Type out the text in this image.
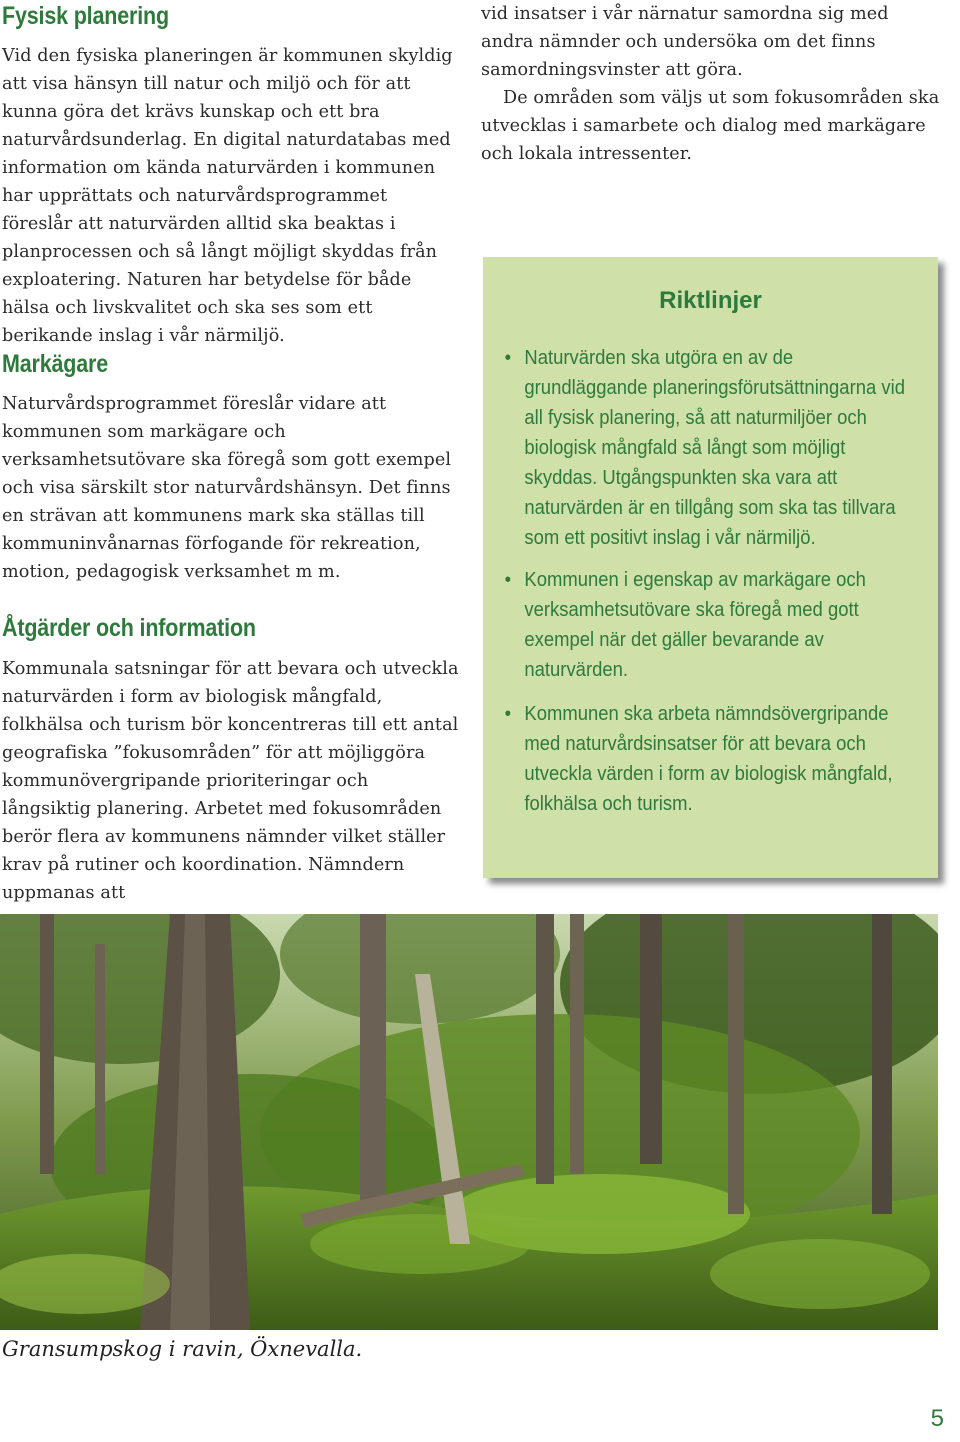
Fysisk planering

Vid den fysiska planeringen är kommunen skyldig att visa hänsyn till natur och miljö och för att kunna göra det krävs kunskap och ett bra naturvårdsunderlag. En digital naturdatabas med information om kända naturvärden i kommunen har upprättats och naturvårdsprogrammet föreslår att naturvärden alltid ska beaktas i planprocessen och så långt möjligt skyddas från exploatering. Naturen har betydelse för både hälsa och livskvalitet och ska ses som ett berikande inslag i vår närmiljö.

Markägare

Naturvårdsprogrammet föreslår vidare att kommunen som markägare och verksamhetsutövare ska föregå som gott exempel och visa särskilt stor naturvårdshänsyn. Det finns en strävan att kommunens mark ska ställas till kommuninvånarnas förfogande för rekreation, motion, pedagogisk verksamhet m m.

Åtgärder och information

Kommunala satsningar för att bevara och utveckla naturvärden i form av biologisk mångfald, folkhälsa och turism bör koncentreras till ett antal geografiska ”fokusområden” för att möjliggöra kommunövergripande prioriteringar och långsiktig planering. Arbetet med fokusområden berör flera av kommunens nämnder vilket ställer krav på rutiner och koordination. Nämndern uppmanas att

vid insatser i vår närnatur samordna sig med andra nämnder och undersöka om det finns samordningsvinster att göra.
De områden som väljs ut som fokusområden ska utvecklas i samarbete och dialog med markägare och lokala intressenter.

Riktlinjer
• Naturvärden ska utgöra en av de grundläggande planeringsförutsättningarna vid all fysisk planering, så att naturmiljöer och biologisk mångfald så långt som möjligt skyddas. Utgångspunkten ska vara att naturvärden är en tillgång som ska tas tillvara som ett positivt inslag i vår närmiljö.
• Kommunen i egenskap av markägare och verksamhetsutövare ska föregå med gott exempel när det gäller bevarande av naturvärden.
• Kommunen ska arbeta nämndsövergripande med naturvårdsinsatser för att bevara och utveckla värden i form av biologisk mångfald, folkhälsa och turism.
Gransumpskog i ravin, Öxnevalla.
5
